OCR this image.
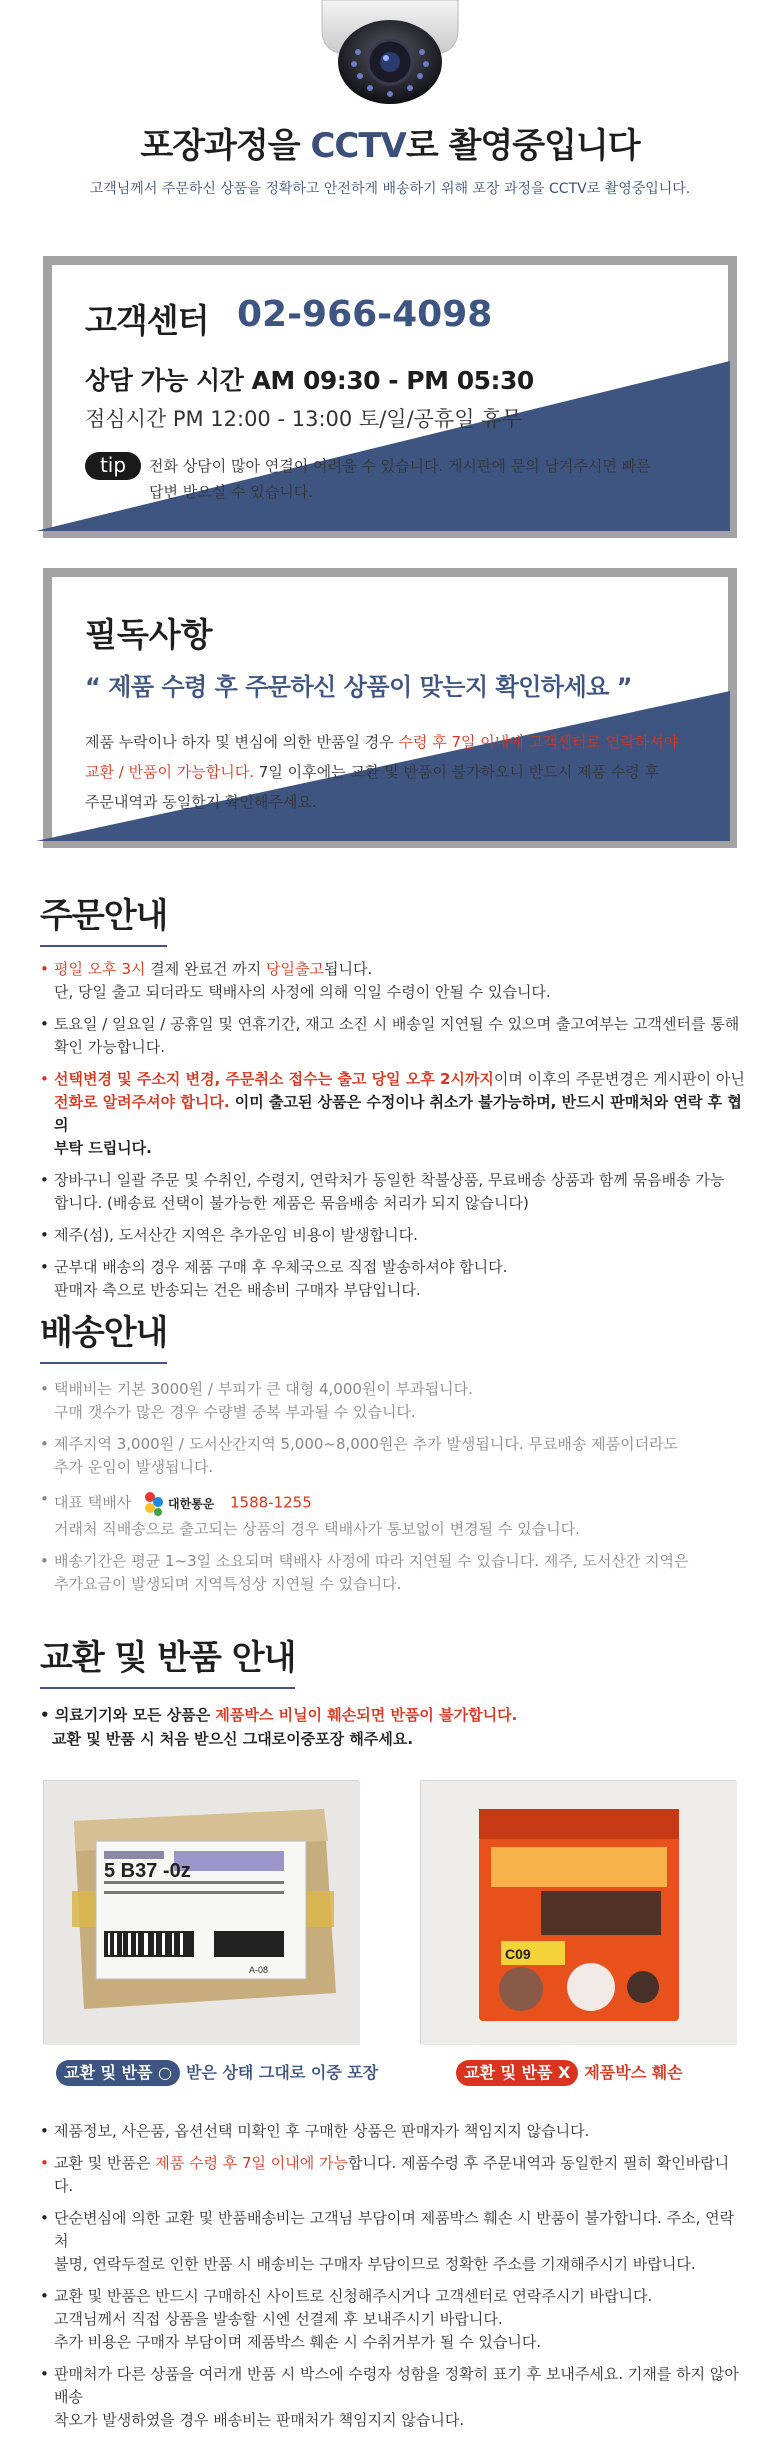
포장과정을 CCTV로 촬영중입니다
고객님께서 주문하신 상품을 정확하고 안전하게 배송하기 위해 포장 과정을 CCTV로 촬영중입니다.
고객센터 02-966-4098
상담 가능 시간 AM 09:30 - PM 05:30
점심시간 PM 12:00 - 13:00 토/일/공휴일 휴무
tip	전화 상담이 많아 연결이 어려울 수 있습니다. 게시판에 문의 남겨주시면 빠른
답변 받으실 수 있습니다.
필독사항
“ 제품 수령 후 주문하신 상품이 맞는지 확인하세요 ”
제품 누락이나 하자 및 변심에 의한 반품일 경우 수령 후 7일 이내에 고객센터로 연락하셔야
교환 / 반품이 가능합니다. 7일 이후에는 교환 및 반품이 불가하오니 반드시 제품 수령 후
주문내역과 동일한지 확인해주세요.
주문안내
• 평일 오후 3시 결제 완료건 까지 당일출고됩니다.
단, 당일 출고 되더라도 택배사의 사정에 의해 익일 수령이 안될 수 있습니다.
• 토요일 / 일요일 / 공휴일 및 연휴기간, 재고 소진 시 배송일 지연될 수 있으며 출고여부는 고객센터를 통해
확인 가능합니다.
• 선택변경 및 주소지 변경, 주문취소 접수는 출고 당일 오후 2시까지이며 이후의 주문변경은 게시판이 아닌
전화로 알려주셔야 합니다. 이미 출고된 상품은 수정이나 취소가 불가능하며, 반드시 판매처와 연락 후 협의
부탁 드립니다.
• 장바구니 일괄 주문 및 수취인, 수령지, 연락처가 동일한 착불상품, 무료배송 상품과 함께 묶음배송 가능
합니다. (배송료 선택이 불가능한 제품은 묶음배송 처리가 되지 않습니다)
• 제주(섬), 도서산간 지역은 추가운임 비용이 발생합니다.
• 군부대 배송의 경우 제품 구매 후 우체국으로 직접 발송하셔야 합니다.
판매자 측으로 반송되는 건은 배송비 구매자 부담입니다.
배송안내
• 택배비는 기본 3000원 / 부피가 큰 대형 4,000원이 부과됩니다.
구매 갯수가 많은 경우 수량별 중복 부과될 수 있습니다.
• 제주지역 3,000원 / 도서산간지역 5,000~8,000원은 추가 발생됩니다. 무료배송 제품이더라도
추가 운임이 발생됩니다.
• 대표 택배사	대한통운 1588-1255
거래처 직배송으로 출고되는 상품의 경우 택배사가 통보없이 변경될 수 있습니다.
• 배송기간은 평균 1~3일 소요되며 택배사 사정에 따라 지연될 수 있습니다. 제주, 도서산간 지역은
추가요금이 발생되며 지역특성상 지연될 수 있습니다.
교환 및 반품 안내
• 의료기기와 모든 상품은 제품박스 비닐이 훼손되면 반품이 불가합니다.
교환 및 반품 시 처음 받으신 그대로이중포장 해주세요.
5 B37 -0z
A-08
C09
교환 및 반품 ○ 받은 상태 그대로 이중 포장	교환 및 반품 X 제품박스 훼손
• 제품정보, 사은품, 옵션선택 미확인 후 구매한 상품은 판매자가 책임지지 않습니다.
• 교환 및 반품은 제품 수령 후 7일 이내에 가능합니다. 제품수령 후 주문내역과 동일한지 필히 확인바랍니다.
• 단순변심에 의한 교환 및 반품배송비는 고객님 부담이며 제품박스 훼손 시 반품이 불가합니다. 주소, 연락처
불명, 연락두절로 인한 반품 시 배송비는 구매자 부담이므로 정확한 주소를 기재해주시기 바랍니다.
• 교환 및 반품은 반드시 구매하신 사이트로 신청해주시거나 고객센터로 연락주시기 바랍니다.
고객님께서 직접 상품을 발송할 시엔 선결제 후 보내주시기 바랍니다.
추가 비용은 구매자 부담이며 제품박스 훼손 시 수취거부가 될 수 있습니다.
• 판매처가 다른 상품을 여러개 반품 시 박스에 수령자 성함을 정확히 표기 후 보내주세요. 기재를 하지 않아 배송
착오가 발생하였을 경우 배송비는 판매처가 책임지지 않습니다.
